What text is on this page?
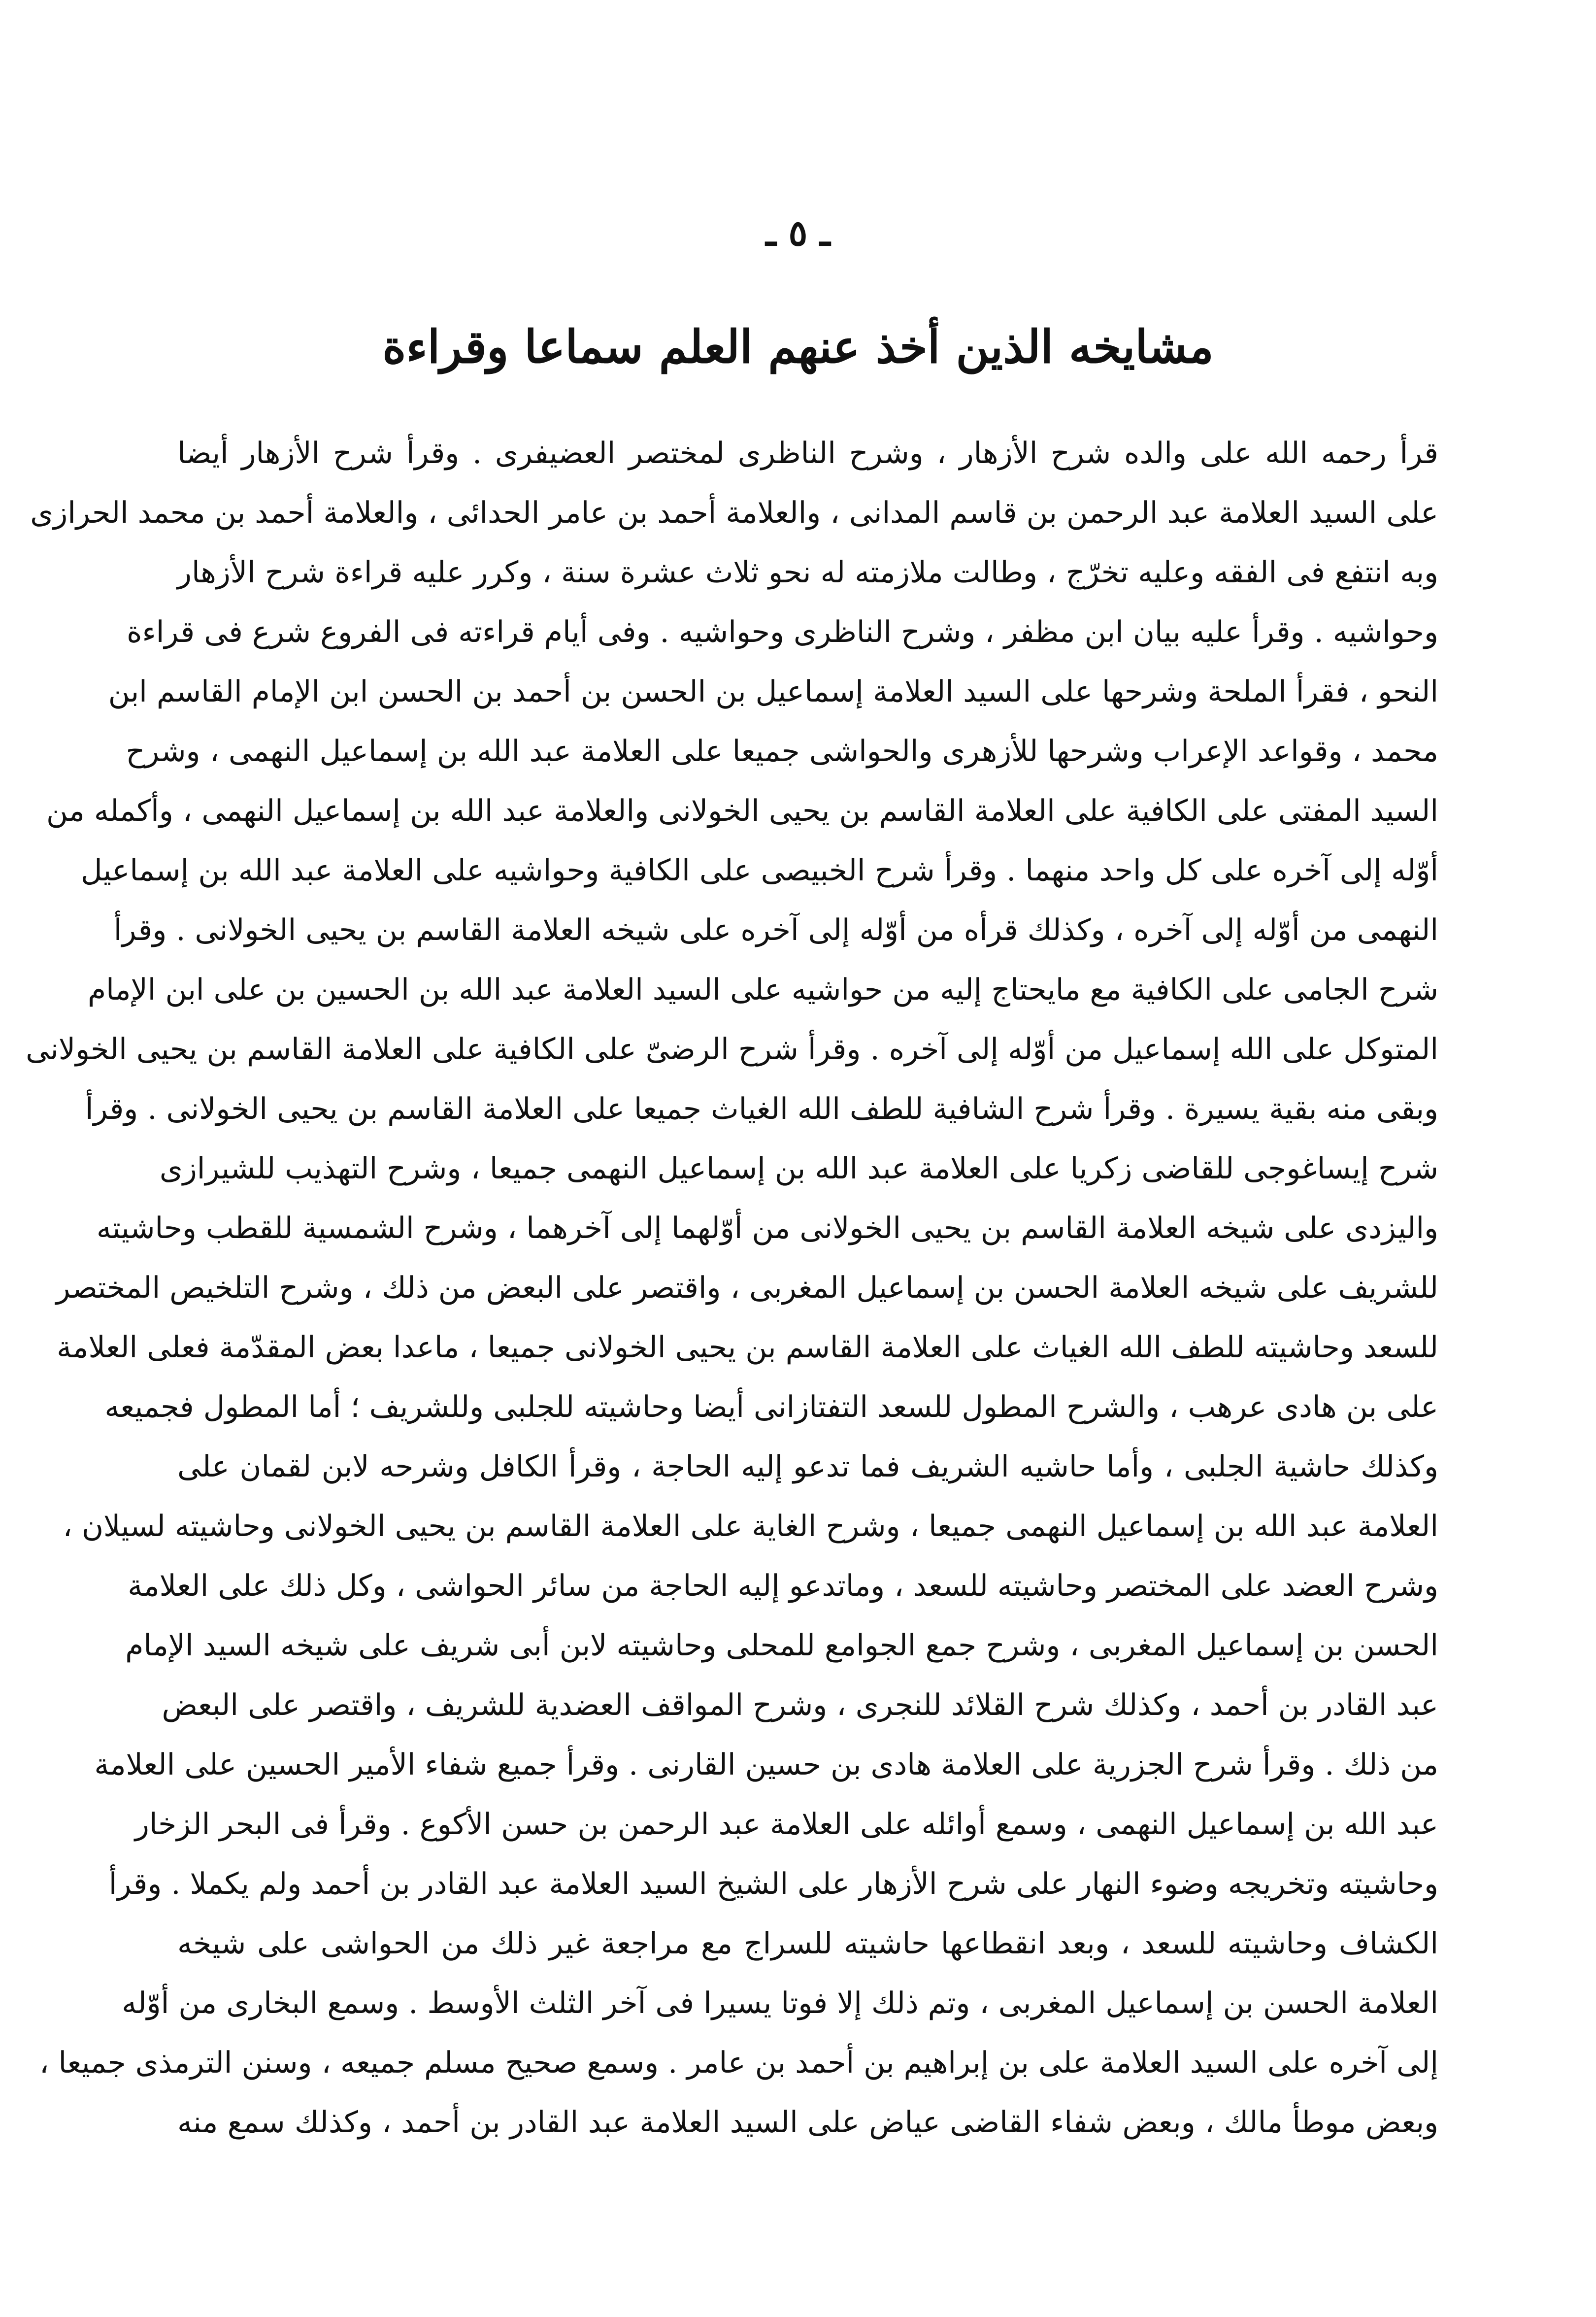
ـ ٥ ـ
مشايخه الذين أخذ عنهم العلم سماعا وقراءة
قرأ رحمه الله على والده شرح الأزهار ، وشرح الناظرى لمختصر العضيفرى . وقرأ شرح الأزهار أيضا
على السيد العلامة عبد الرحمن بن قاسم المدانى ، والعلامة أحمد بن عامر الحدائى ، والعلامة أحمد بن محمد الحرازى
وبه انتفع فى الفقه وعليه تخرّج ، وطالت ملازمته له نحو ثلاث عشرة سنة ، وكرر عليه قراءة شرح الأزهار
وحواشيه . وقرأ عليه بيان ابن مظفر ، وشرح الناظرى وحواشيه . وفى أيام قراءته فى الفروع شرع فى قراءة
النحو ، فقرأ الملحة وشرحها على السيد العلامة إسماعيل بن الحسن بن أحمد بن الحسن ابن الإمام القاسم ابن
محمد ، وقواعد الإعراب وشرحها للأزهرى والحواشى جميعا على العلامة عبد الله بن إسماعيل النهمى ، وشرح
السيد المفتى على الكافية على العلامة القاسم بن يحيى الخولانى والعلامة عبد الله بن إسماعيل النهمى ، وأكمله من
أوّله إلى آخره على كل واحد منهما . وقرأ شرح الخبيصى على الكافية وحواشيه على العلامة عبد الله بن إسماعيل
النهمى من أوّله إلى آخره ، وكذلك قرأه من أوّله إلى آخره على شيخه العلامة القاسم بن يحيى الخولانى . وقرأ
شرح الجامى على الكافية مع مايحتاج إليه من حواشيه على السيد العلامة عبد الله بن الحسين بن على ابن الإمام
المتوكل على الله إسماعيل من أوّله إلى آخره . وقرأ شرح الرضىّ على الكافية على العلامة القاسم بن يحيى الخولانى
وبقى منه بقية يسيرة . وقرأ شرح الشافية للطف الله الغياث جميعا على العلامة القاسم بن يحيى الخولانى . وقرأ
شرح إيساغوجى للقاضى زكريا على العلامة عبد الله بن إسماعيل النهمى جميعا ، وشرح التهذيب للشيرازى
واليزدى على شيخه العلامة القاسم بن يحيى الخولانى من أوّلهما إلى آخرهما ، وشرح الشمسية للقطب وحاشيته
للشريف على شيخه العلامة الحسن بن إسماعيل المغربى ، واقتصر على البعض من ذلك ، وشرح التلخيص المختصر
للسعد وحاشيته للطف الله الغياث على العلامة القاسم بن يحيى الخولانى جميعا ، ماعدا بعض المقدّمة فعلى العلامة
على بن هادى عرهب ، والشرح المطول للسعد التفتازانى أيضا وحاشيته للجلبى وللشريف ؛ أما المطول فجميعه
وكذلك حاشية الجلبى ، وأما حاشيه الشريف فما تدعو إليه الحاجة ، وقرأ الكافل وشرحه لابن لقمان على
العلامة عبد الله بن إسماعيل النهمى جميعا ، وشرح الغاية على العلامة القاسم بن يحيى الخولانى وحاشيته لسيلان ،
وشرح العضد على المختصر وحاشيته للسعد ، وماتدعو إليه الحاجة من سائر الحواشى ، وكل ذلك على العلامة
الحسن بن إسماعيل المغربى ، وشرح جمع الجوامع للمحلى وحاشيته لابن أبى شريف على شيخه السيد الإمام
عبد القادر بن أحمد ، وكذلك شرح القلائد للنجرى ، وشرح المواقف العضدية للشريف ، واقتصر على البعض
من ذلك . وقرأ شرح الجزرية على العلامة هادى بن حسين القارنى . وقرأ جميع شفاء الأمير الحسين على العلامة
عبد الله بن إسماعيل النهمى ، وسمع أوائله على العلامة عبد الرحمن بن حسن الأكوع . وقرأ فى البحر الزخار
وحاشيته وتخريجه وضوء النهار على شرح الأزهار على الشيخ السيد العلامة عبد القادر بن أحمد ولم يكملا . وقرأ
الكشاف وحاشيته للسعد ، وبعد انقطاعها حاشيته للسراج مع مراجعة غير ذلك من الحواشى على شيخه
العلامة الحسن بن إسماعيل المغربى ، وتم ذلك إلا فوتا يسيرا فى آخر الثلث الأوسط . وسمع البخارى من أوّله
إلى آخره على السيد العلامة على بن إبراهيم بن أحمد بن عامر . وسمع صحيح مسلم جميعه ، وسنن الترمذى جميعا ،
وبعض موطأ مالك ، وبعض شفاء القاضى عياض على السيد العلامة عبد القادر بن أحمد ، وكذلك سمع منه
